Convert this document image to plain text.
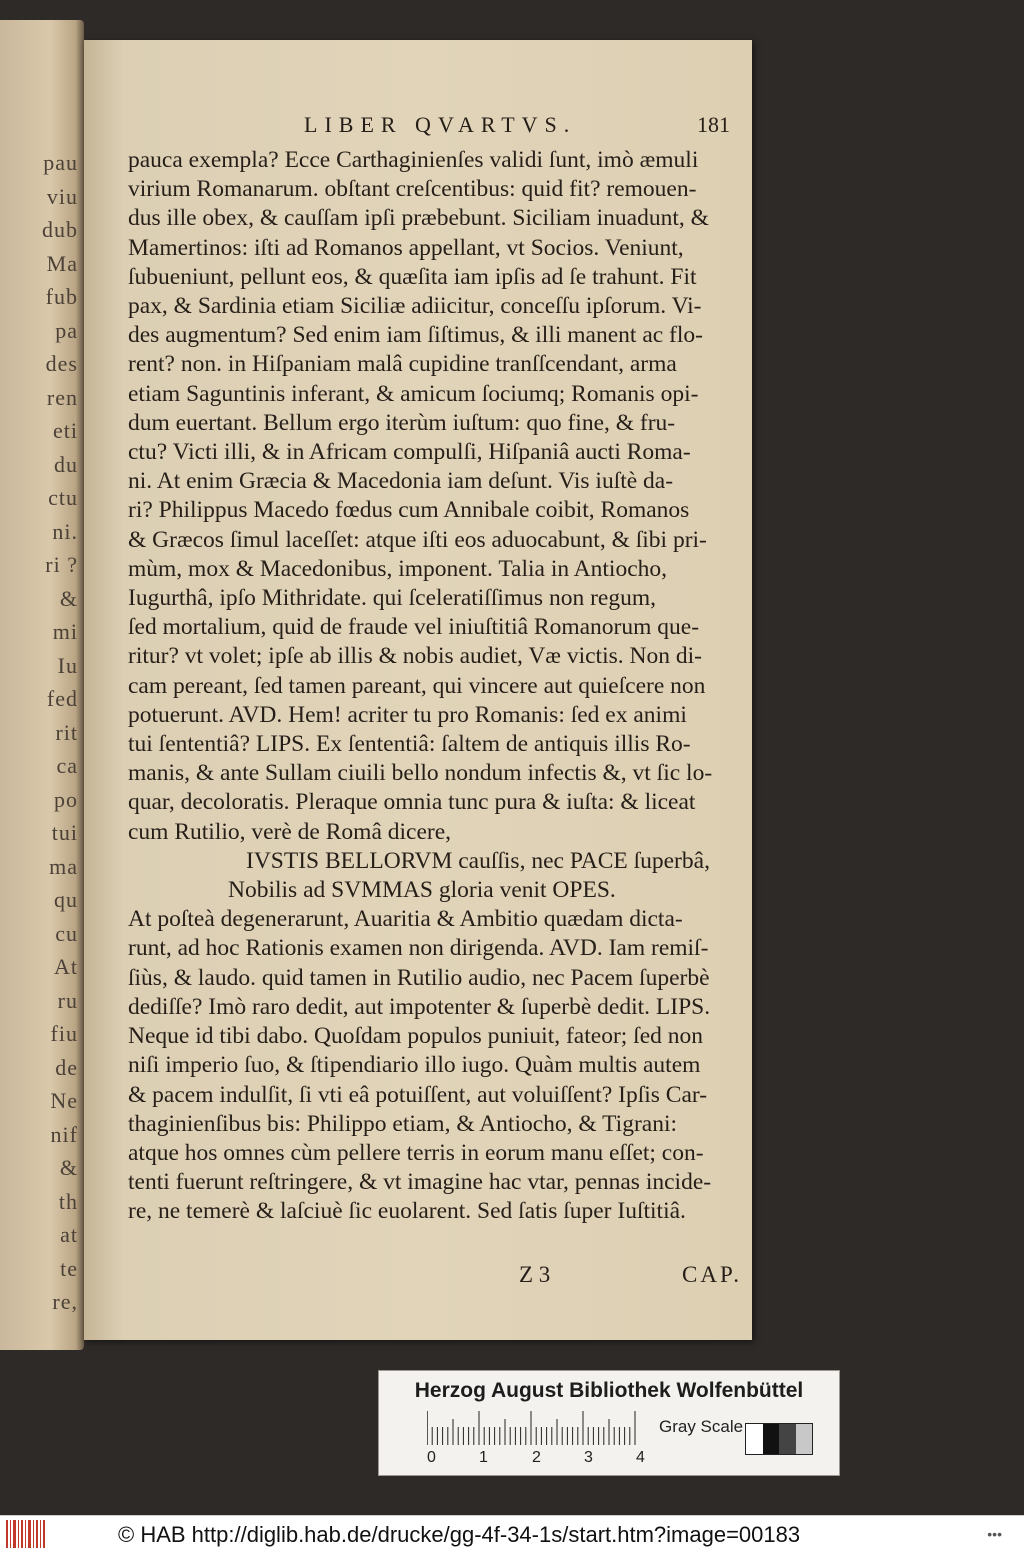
pau
viu
dub
Ma
fub
pa
des
ren
eti
du
ctu
ni.
ri ?
&
mi
Iu
fed
rit
ca
po
tui
ma
qu
cu
At
ru
fiu
de
Ne
nif
&
th
at
te
re,
LIBER QVARTVS.	181
pauca exempla? Ecce Carthaginienſes validi ſunt, imò æmuli
virium Romanarum. obſtant creſcentibus: quid fit? remouen-
dus ille obex, & cauſſam ipſi præbebunt. Siciliam inuadunt, &
Mamertinos: iſti ad Romanos appellant, vt Socios. Veniunt,
ſubueniunt, pellunt eos, & quæſita iam ipſis ad ſe trahunt. Fit
pax, & Sardinia etiam Siciliæ adiicitur, conceſſu ipſorum. Vi-
des augmentum? Sed enim iam ſiſtimus, & illi manent ac flo-
rent? non. in Hiſpaniam malâ cupidine tranſſcendant, arma
etiam Saguntinis inferant, & amicum ſociumq; Romanis opi-
dum euertant. Bellum ergo iterùm iuſtum: quo fine, & fru-
ctu? Victi illi, & in Africam compulſi, Hiſpaniâ aucti Roma-
ni. At enim Græcia & Macedonia iam deſunt. Vis iuſtè da-
ri? Philippus Macedo fœdus cum Annibale coibit, Romanos
& Græcos ſimul laceſſet: atque iſti eos aduocabunt, & ſibi pri-
mùm, mox & Macedonibus, imponent. Talia in Antiocho,
Iugurthâ, ipſo Mithridate. qui ſceleratiſſimus non regum,
ſed mortalium, quid de fraude vel iniuſtitiâ Romanorum que-
ritur? vt volet; ipſe ab illis & nobis audiet, Væ victis. Non di-
cam pereant, ſed tamen pareant, qui vincere aut quieſcere non
potuerunt. AVD. Hem! acriter tu pro Romanis: ſed ex animi
tui ſententiâ? LIPS. Ex ſententiâ: ſaltem de antiquis illis Ro-
manis, & ante Sullam ciuili bello nondum infectis &, vt ſic lo-
quar, decoloratis. Pleraque omnia tunc pura & iuſta: & liceat
cum Rutilio, verè de Româ dicere,
IVSTIS BELLORVM cauſſis, nec PACE ſuperbâ,
Nobilis ad SVMMAS gloria venit OPES.
At poſteà degenerarunt, Auaritia & Ambitio quædam dicta-
runt, ad hoc Rationis examen non dirigenda. AVD. Iam remiſ-
ſiùs, & laudo. quid tamen in Rutilio audio, nec Pacem ſuperbè
dediſſe? Imò raro dedit, aut impotenter & ſuperbè dedit. LIPS.
Neque id tibi dabo. Quoſdam populos puniuit, fateor; ſed non
niſi imperio ſuo, & ſtipendiario illo iugo. Quàm multis autem
& pacem indulſit, ſi vti eâ potuiſſent, aut voluiſſent? Ipſis Car-
thaginienſibus bis: Philippo etiam, & Antiocho, & Tigrani:
atque hos omnes cùm pellere terris in eorum manu eſſet; con-
tenti fuerunt reſtringere, & vt imagine hac vtar, pennas incide-
re, ne temerè & laſciuè ſic euolarent. Sed ſatis ſuper Iuſtitiâ.
Z 3	CAP.
Herzog August Bibliothek Wolfenbüttel
0	1	2	3	4
Gray Scale
© HAB http://diglib.hab.de/drucke/gg-4f-34-1s/start.htm?image=00183	•••
